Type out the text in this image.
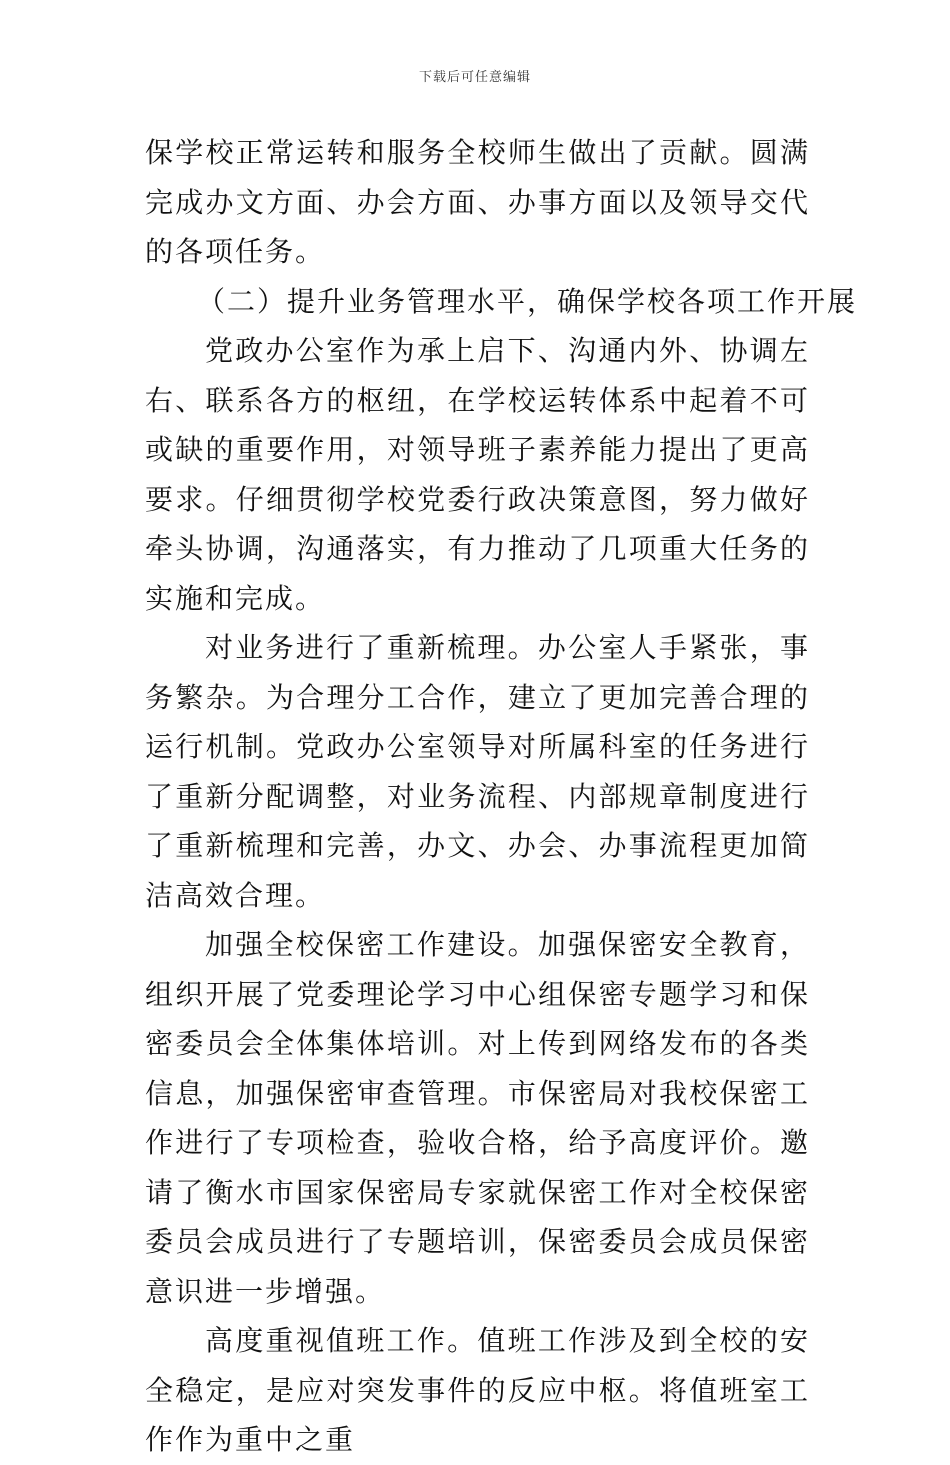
下载后可任意编辑

保学校正常运转和服务全校师生做出了贡献。圆满完成办文方面、办会方面、办事方面以及领导交代的各项任务。

（二）提升业务管理水平，确保学校各项工作开展

党政办公室作为承上启下、沟通内外、协调左右、联系各方的枢纽，在学校运转体系中起着不可或缺的重要作用，对领导班子素养能力提出了更高要求。仔细贯彻学校党委行政决策意图，努力做好牵头协调，沟通落实，有力推动了几项重大任务的实施和完成。

对业务进行了重新梳理。办公室人手紧张，事务繁杂。为合理分工合作，建立了更加完善合理的运行机制。党政办公室领导对所属科室的任务进行了重新分配调整，对业务流程、内部规章制度进行了重新梳理和完善，办文、办会、办事流程更加简洁高效合理。

加强全校保密工作建设。加强保密安全教育，组织开展了党委理论学习中心组保密专题学习和保密委员会全体集体培训。对上传到网络发布的各类信息，加强保密审查管理。市保密局对我校保密工作进行了专项检查，验收合格，给予高度评价。邀请了衡水市国家保密局专家就保密工作对全校保密委员会成员进行了专题培训，保密委员会成员保密意识进一步增强。

高度重视值班工作。值班工作涉及到全校的安全稳定，是应对突发事件的反应中枢。将值班室工作作为重中之重
